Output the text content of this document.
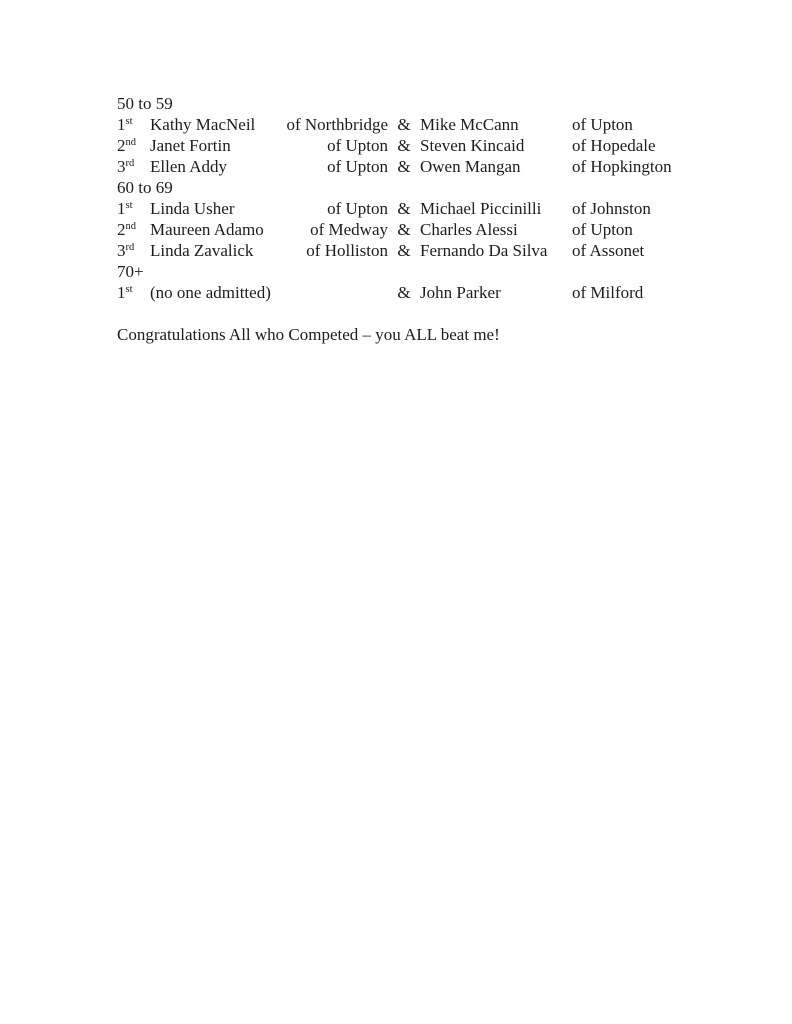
50 to 59
1st	Kathy MacNeil of Northbridge & Mike McCann	of Upton
2nd Janet Fortin	of Upton & Steven Kincaid	of Hopedale
3rd Ellen Addy	of Upton & Owen Mangan	of Hopkington
60 to 69
1st	Linda Usher	of Upton & Michael Piccinilli	of Johnston
2nd Maureen Adamo	of Medway & Charles Alessi	of Upton
3rd Linda Zavalick	of Holliston & Fernando Da Silva	of Assonet
70+
1st	(no one admitted)	& John Parker	of Milford

Congratulations All who Competed – you ALL beat me!
